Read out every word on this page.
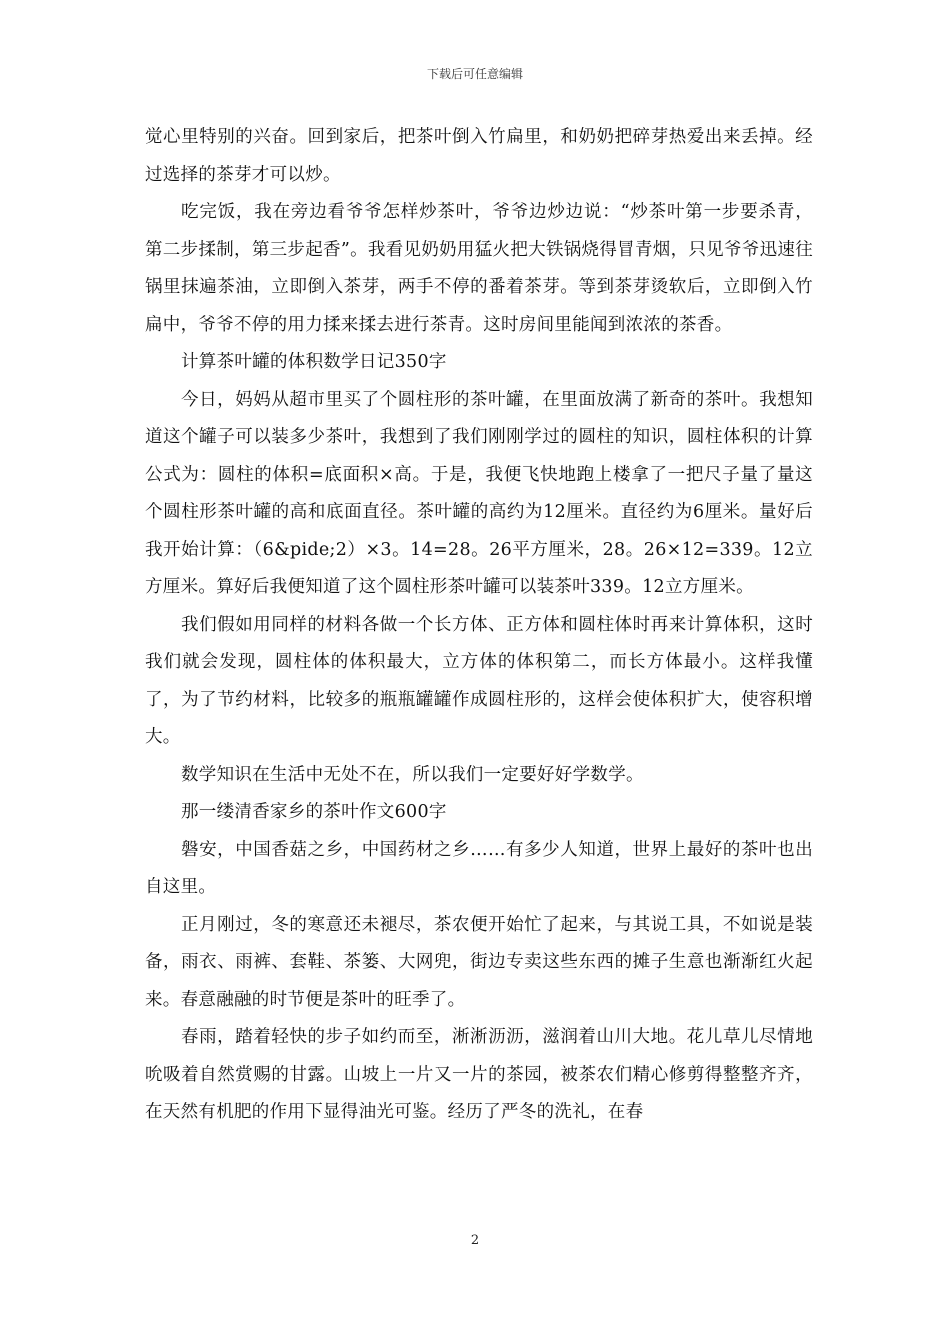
下载后可任意编辑

觉心里特别的兴奋。回到家后，把茶叶倒入竹扁里，和奶奶把碎芽热爱出来丢掉。经过选择的茶芽才可以炒。

吃完饭，我在旁边看爷爷怎样炒茶叶，爷爷边炒边说：“炒茶叶第一步要杀青，第二步揉制，第三步起香”。我看见奶奶用猛火把大铁锅烧得冒青烟，只见爷爷迅速往锅里抹遍茶油，立即倒入茶芽，两手不停的番着茶芽。等到茶芽烫软后，立即倒入竹扁中，爷爷不停的用力揉来揉去进行茶青。这时房间里能闻到浓浓的茶香。

计算茶叶罐的体积数学日记350字

今日，妈妈从超市里买了个圆柱形的茶叶罐，在里面放满了新奇的茶叶。我想知道这个罐子可以装多少茶叶，我想到了我们刚刚学过的圆柱的知识，圆柱体积的计算公式为：圆柱的体积=底面积×高。于是，我便飞快地跑上楼拿了一把尺子量了量这个圆柱形茶叶罐的高和底面直径。茶叶罐的高约为12厘米。直径约为6厘米。量好后我开始计算：（6&pide;2）×3。14=28。26平方厘米，28。26×12=339。12立方厘米。算好后我便知道了这个圆柱形茶叶罐可以装茶叶339。12立方厘米。

我们假如用同样的材料各做一个长方体、正方体和圆柱体时再来计算体积，这时我们就会发现，圆柱体的体积最大，立方体的体积第二，而长方体最小。这样我懂了，为了节约材料，比较多的瓶瓶罐罐作成圆柱形的，这样会使体积扩大，使容积增大。

数学知识在生活中无处不在，所以我们一定要好好学数学。

那一缕清香家乡的茶叶作文600字

磐安，中国香菇之乡，中国药材之乡……有多少人知道，世界上最好的茶叶也出自这里。

正月刚过，冬的寒意还未褪尽，茶农便开始忙了起来，与其说工具，不如说是装备，雨衣、雨裤、套鞋、茶篓、大网兜，街边专卖这些东西的摊子生意也渐渐红火起来。春意融融的时节便是茶叶的旺季了。

春雨，踏着轻快的步子如约而至，淅淅沥沥，滋润着山川大地。花儿草儿尽情地吮吸着自然赏赐的甘露。山坡上一片又一片的茶园，被茶农们精心修剪得整整齐齐，在天然有机肥的作用下显得油光可鉴。经历了严冬的洗礼，在春

2
